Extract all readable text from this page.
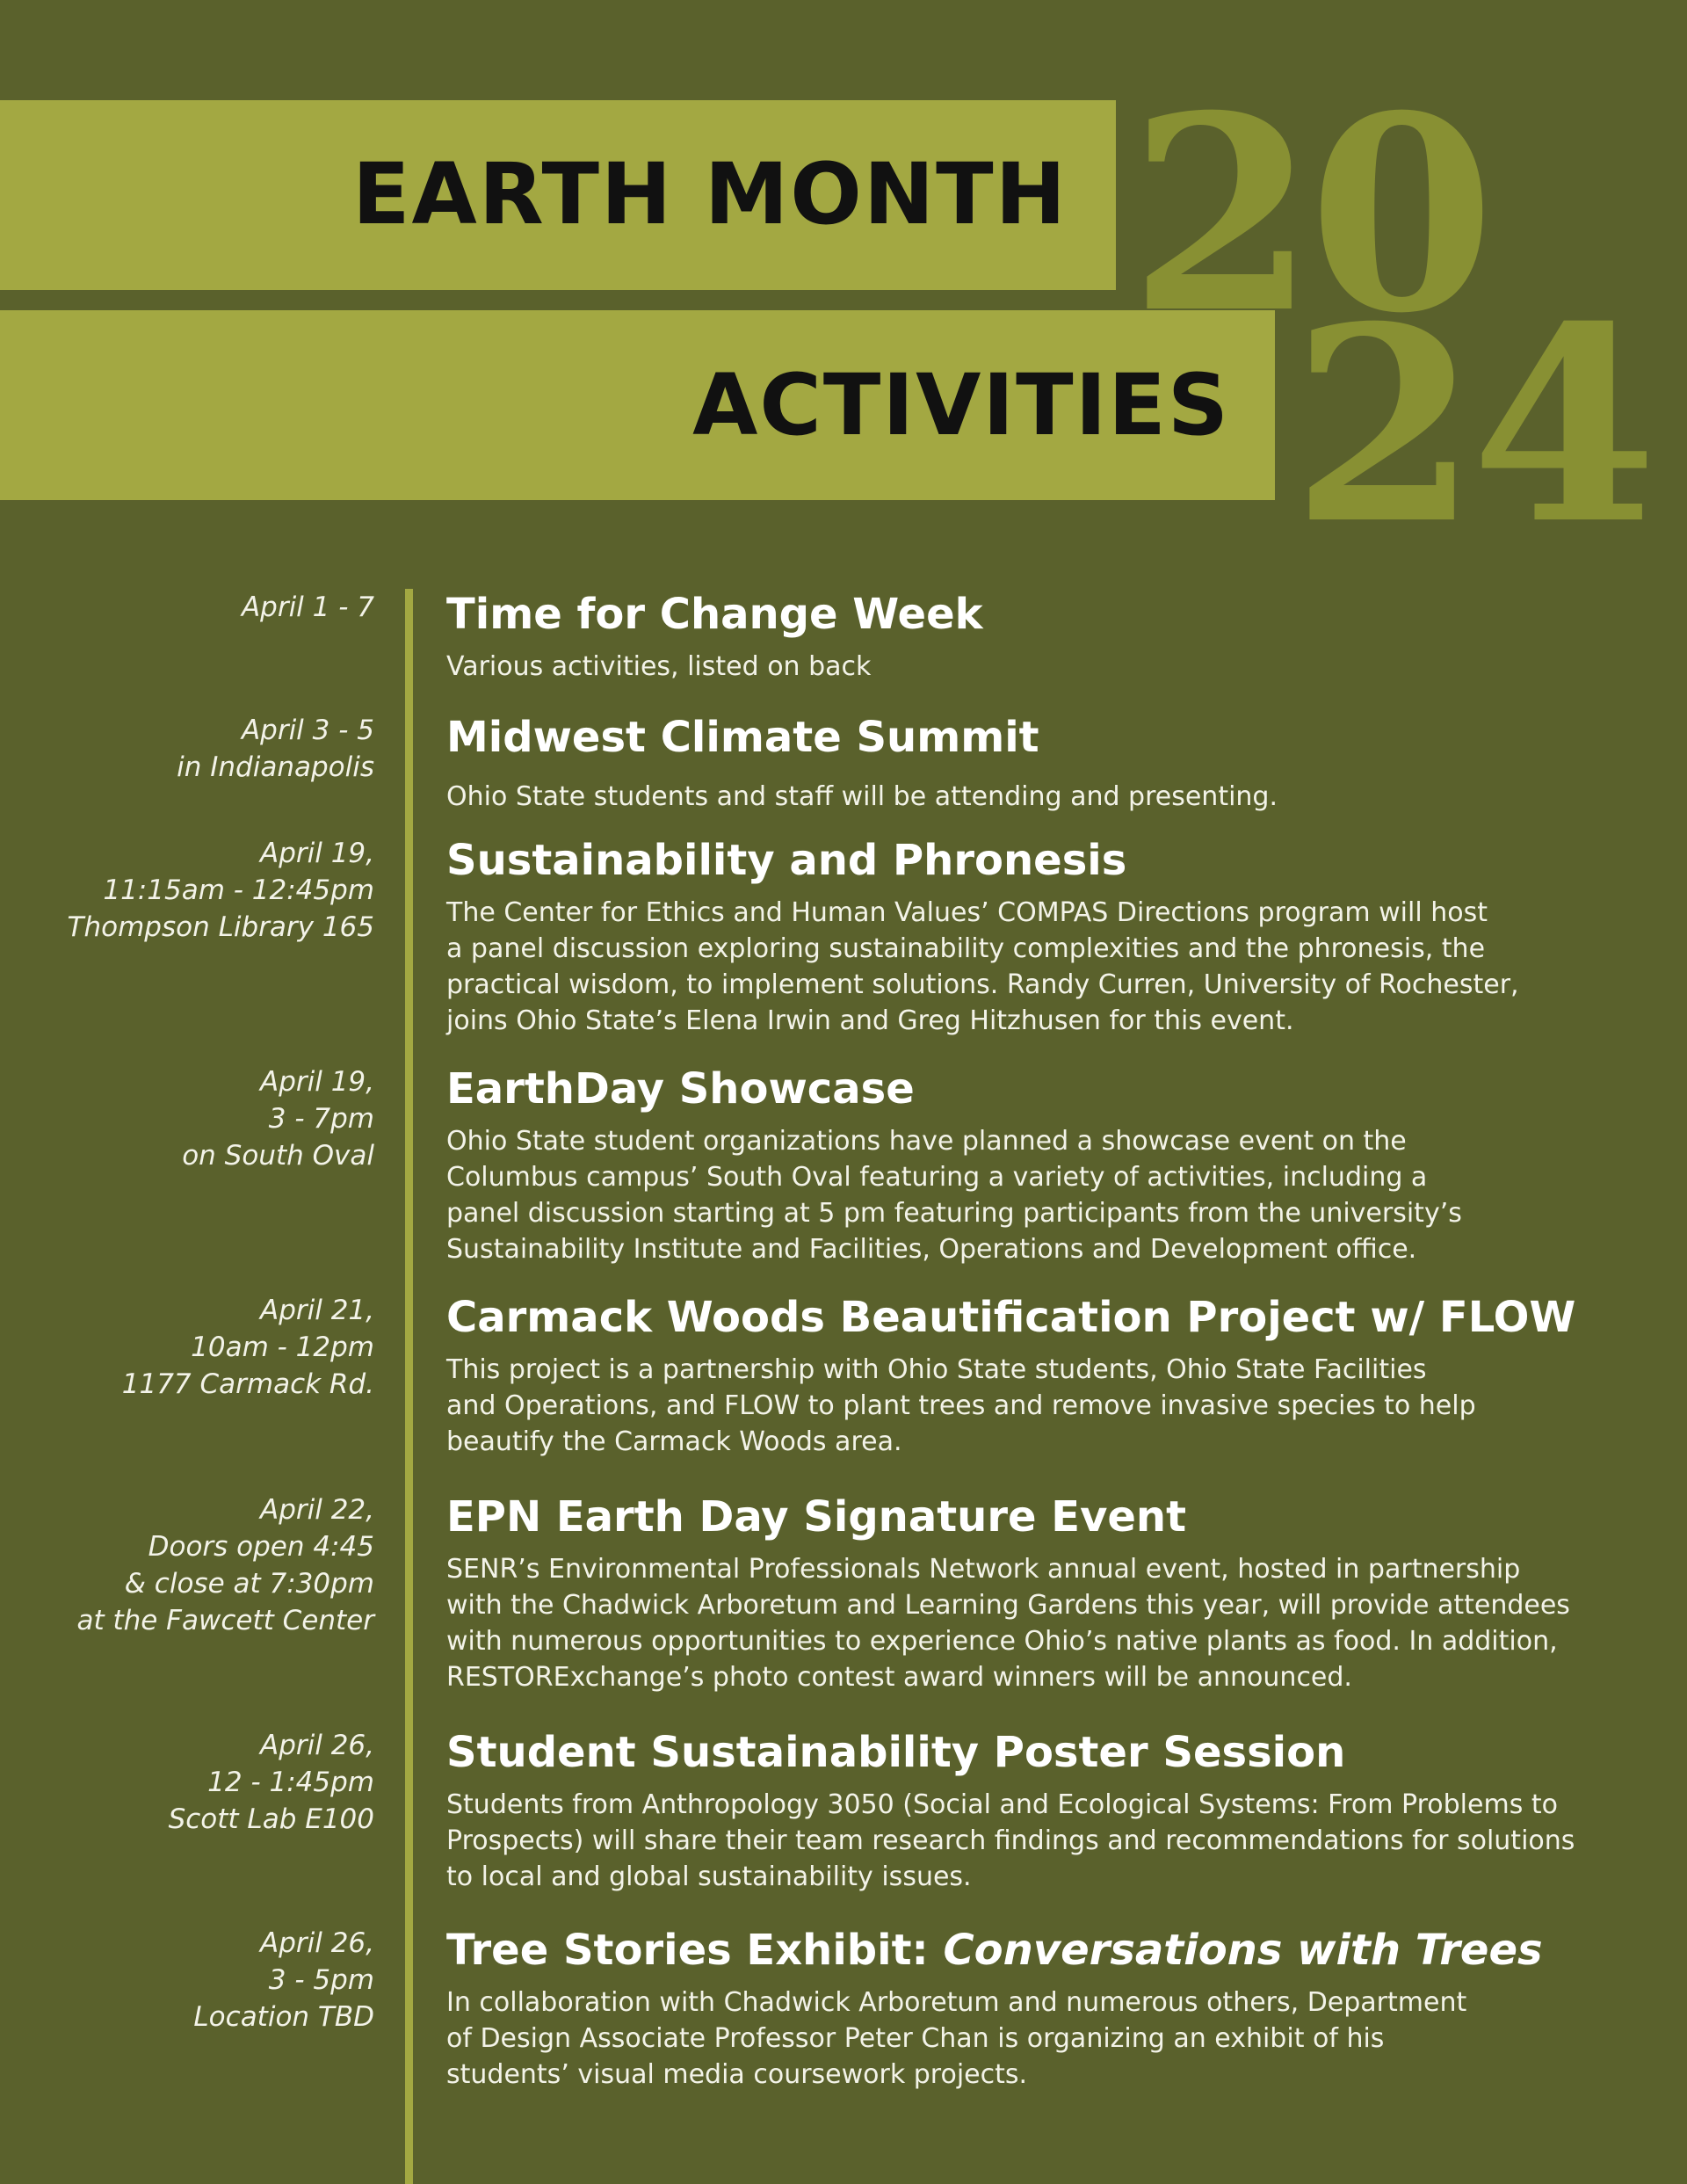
EARTH MONTH
ACTIVITIES
20
24
April 1 - 7 Time for Change Week

Various activities, listed on back

April 3 - 5
in Indianapolis
Midwest Climate Summit

Ohio State students and staff will be attending and presenting.

April 19,
11:15am - 12:45pm
Thompson Library 165
Sustainability and Phronesis

The Center for Ethics and Human Values’ COMPAS Directions program will host
a panel discussion exploring sustainability complexities and the phronesis, the
practical wisdom, to implement solutions. Randy Curren, University of Rochester,
joins Ohio State’s Elena Irwin and Greg Hitzhusen for this event.

April 19,
3 - 7pm
on South Oval
EarthDay Showcase

Ohio State student organizations have planned a showcase event on the
Columbus campus’ South Oval featuring a variety of activities, including a
panel discussion starting at 5 pm featuring participants from the university’s
Sustainability Institute and Facilities, Operations and Development office.

April 21,
10am - 12pm
1177 Carmack Rd.
Carmack Woods Beautification Project w/ FLOW

This project is a partnership with Ohio State students, Ohio State Facilities
and Operations, and FLOW to plant trees and remove invasive species to help
beautify the Carmack Woods area.

April 22,
Doors open 4:45
& close at 7:30pm
at the Fawcett Center
EPN Earth Day Signature Event

SENR’s Environmental Professionals Network annual event, hosted in partnership
with the Chadwick Arboretum and Learning Gardens this year, will provide attendees
with numerous opportunities to experience Ohio’s native plants as food. In addition,
RESTORExchange’s photo contest award winners will be announced.

April 26,
12 - 1:45pm
Scott Lab E100
Student Sustainability Poster Session

Students from Anthropology 3050 (Social and Ecological Systems: From Problems to
Prospects) will share their team research findings and recommendations for solutions
to local and global sustainability issues.

April 26,
3 - 5pm
Location TBD
Tree Stories Exhibit: Conversations with Trees

In collaboration with Chadwick Arboretum and numerous others, Department
of Design Associate Professor Peter Chan is organizing an exhibit of his
students’ visual media coursework projects.
